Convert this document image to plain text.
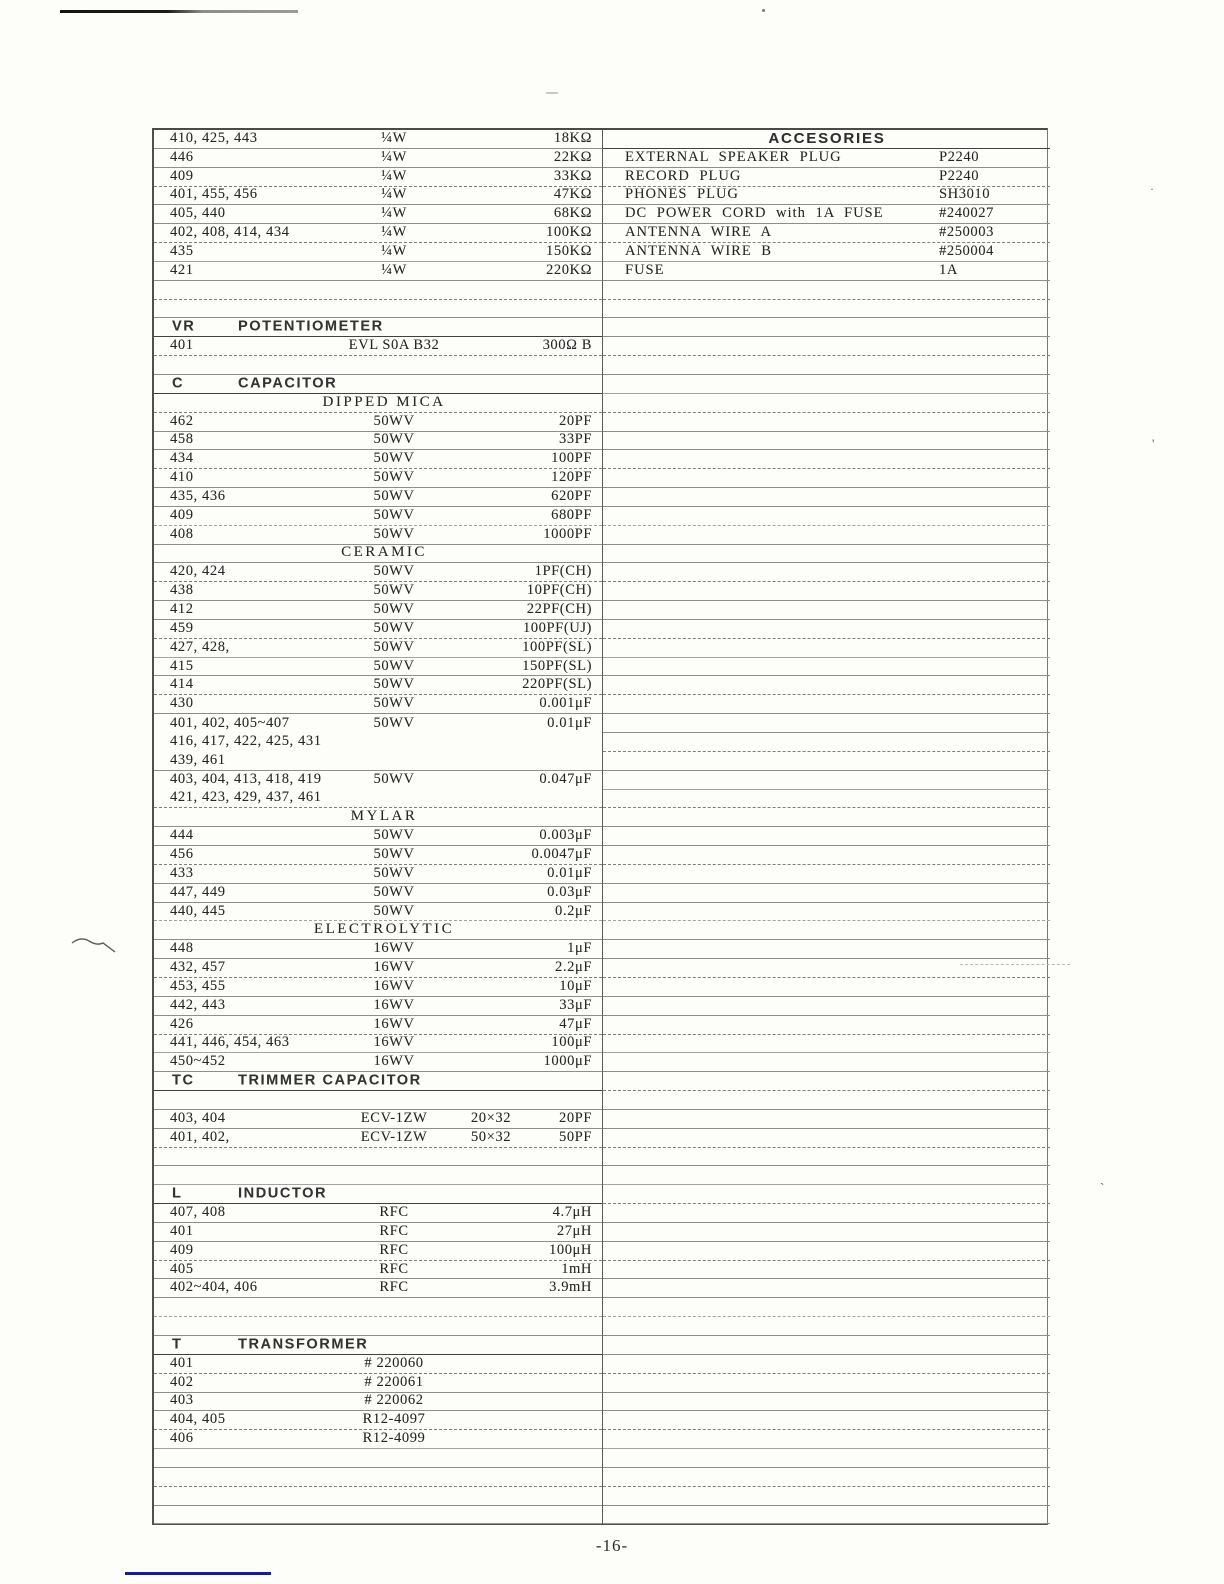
410, 425, 443	¼W	18KΩ
446	¼W	22KΩ
409	¼W	33KΩ
401, 455, 456	¼W	47KΩ
405, 440	¼W	68KΩ
402, 408, 414, 434	¼W	100KΩ
435	¼W	150KΩ
421	¼W	220KΩ
VR	POTENTIOMETER
401	EVL S0A B32	300Ω B
C	CAPACITOR
DIPPED MICA
462	50WV	20PF
458	50WV	33PF
434	50WV	100PF
410	50WV	120PF
435, 436	50WV	620PF
409	50WV	680PF
408	50WV	1000PF
CERAMIC
420, 424	50WV	1PF(CH)
438	50WV	10PF(CH)
412	50WV	22PF(CH)
459	50WV	100PF(UJ)
427, 428,	50WV	100PF(SL)
415	50WV	150PF(SL)
414	50WV	220PF(SL)
430	50WV	0.001μF
401, 402, 405~407	50WV	0.01μF
416, 417, 422, 425, 431
439, 461
403, 404, 413, 418, 419	50WV	0.047μF
421, 423, 429, 437, 461
MYLAR
444	50WV	0.003μF
456	50WV	0.0047μF
433	50WV	0.01μF
447, 449	50WV	0.03μF
440, 445	50WV	0.2μF
ELECTROLYTIC
448	16WV	1μF
432, 457	16WV	2.2μF
453, 455	16WV	10μF
442, 443	16WV	33μF
426	16WV	47μF
441, 446, 454, 463	16WV	100μF
450~452	16WV	1000μF
TC	TRIMMER CAPACITOR
403, 404	ECV-1ZW	20×32	20PF
401, 402,	ECV-1ZW	50×32	50PF
L	INDUCTOR
407, 408	RFC	4.7μH
401	RFC	27μH
409	RFC	100μH
405	RFC	1mH
402~404, 406	RFC	3.9mH
T	TRANSFORMER
401	# 220060
402	# 220061
403	# 220062
404, 405	R12-4097
406	R12-4099
ACCESORIES
EXTERNAL SPEAKER PLUG	P2240
RECORD PLUG	P2240
PHONES PLUG	SH3010
DC POWER CORD with 1A FUSE	#240027
ANTENNA WIRE A	#250003
ANTENNA WIRE B	#250004
FUSE	1A
·
'
`
-16-
